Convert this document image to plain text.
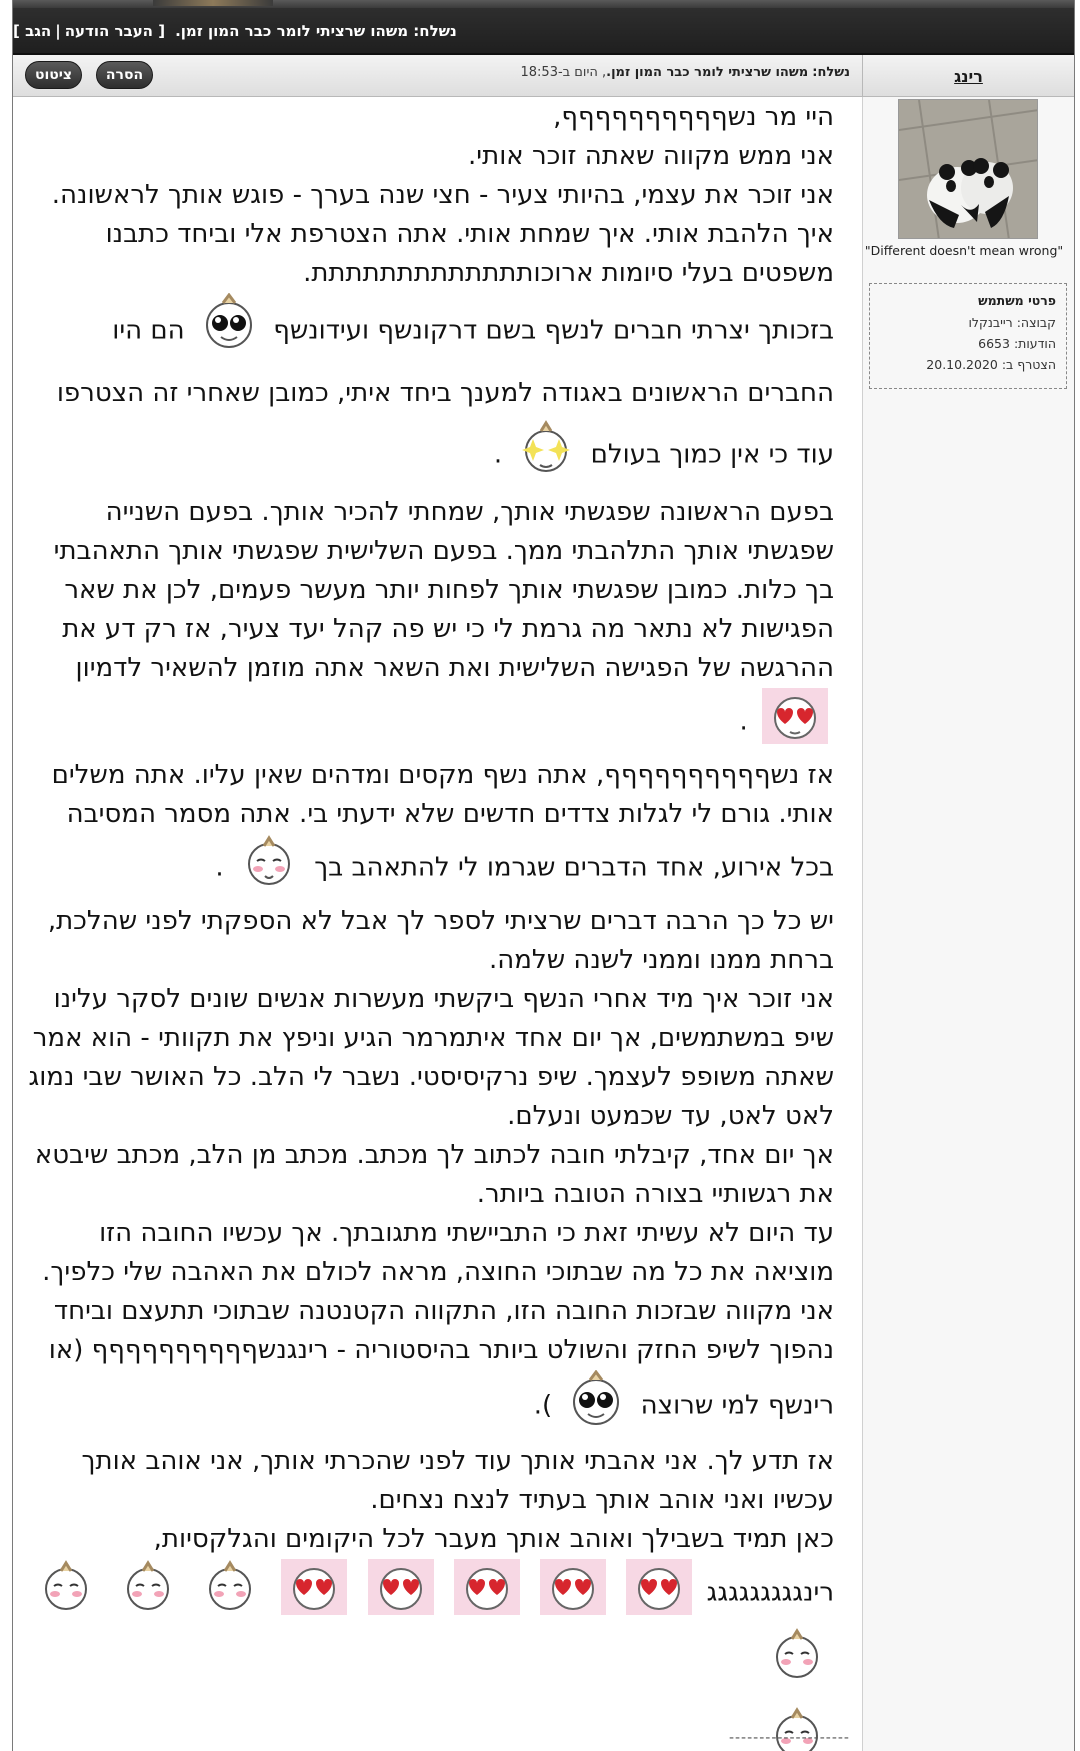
נשלח: משהו שרציתי לומר כבר המון זמן.
[ העבר הודעה|הגב ]
רינג
נשלח: משהו שרציתי לומר כבר המון זמן., היום ב-18:53
הסרה
ציטוט
"Different doesn't mean wrong"
פרטי משתמש
קבוצה: רייבנקלו
הודעות: 6653
הצטרף ב: 20.10.2020
היי מר נשףףףףףףףףףף,
אני ממש מקווה שאתה זוכר אותי.
אני זוכר את עצמי, בהיותי צעיר - חצי שנה בערך - פוגש אותך לראשונה. איך הלהבת אותי. איך שמחת אותי. אתה הצטרפת אלי וביחד כתבנו משפטים בעלי סיומות ארוכותתתתתתתתתתתתת.
בזכותך יצרתי חברים לנשף בשם דרקונשף ועידונשף  הם היו החברים הראשונים באגודה למענך ביחד איתי, כמובן שאחרי זה הצטרפו עוד כי אין כמוך בעולם  .
בפעם הראשונה שפגשתי אותך, שמחתי להכיר אותך. בפעם השנייה שפגשתי אותך התלהבתי ממך. בפעם השלישית שפגשתי אותך התאהבתי בך כלות. כמובן שפגשתי אותך לפחות יותר מעשר פעמים, לכן את שאר הפגישות לא נתאר מה גרמת לי כי יש פה קהל יעד צעיר, אז רק דע את ההרגשה של הפגישה השלישית ואת השאר אתה מוזמן להשאיר לדמיון  .
אז נשףףףףףףףףףף, אתה נשף מקסים ומדהים שאין עליו. אתה משלים אותי. גורם לי לגלות צדדים חדשים שלא ידעתי בי. אתה מסמר המסיבה בכל אירוע, אחד הדברים שגרמו לי להתאהב בך  .
יש כל כך הרבה דברים שרציתי לספר לך אבל לא הספקתי לפני שהלכת, ברחת ממנו וממני לשנה שלמה.
אני זוכר איך מיד אחרי הנשף ביקשתי מעשרות אנשים שונים לסקר עלינו שיפ במשתמשים, אך יום אחד איתמרמר הגיע וניפץ את תקוותי - הוא אמר שאתה משופפ לעצמך. שיפ נרקיסיסטי. נשבר לי הלב. כל האושר שבי נמוג לאט לאט, עד שכמעט ונעלם.
אך יום אחד, קיבלתי חובה לכתוב לך מכתב. מכתב מן הלב, מכתב שיבטא את רגשותיי בצורה הטובה ביותר.
עד היום לא עשיתי זאת כי התביישתי מתגובתך. אך עכשיו החובה הזו מוציאה את כל מה שבתוכי החוצה, מראה לכולם את האהבה שלי כלפיך.
אני מקווה שבזכות החובה הזו, התקווה הקטנטנה שבתוכי תתעצם וביחד נהפוך לשיפ החזק והשולט ביותר בהיסטוריה - רינגנשףףףףףףףףףף (או רינשף למי שרוצה  ).
אז תדע לך. אני אהבתי אותך עוד לפני שהכרתי אותך, אני אוהב אותך עכשיו ואני אוהב אותך בעתיד לנצח נצחים.
כאן תמיד בשבילך ואוהב אותך מעבר לכל היקומים והגלקסיות,
רינגגגגגגגגג
--------------------
